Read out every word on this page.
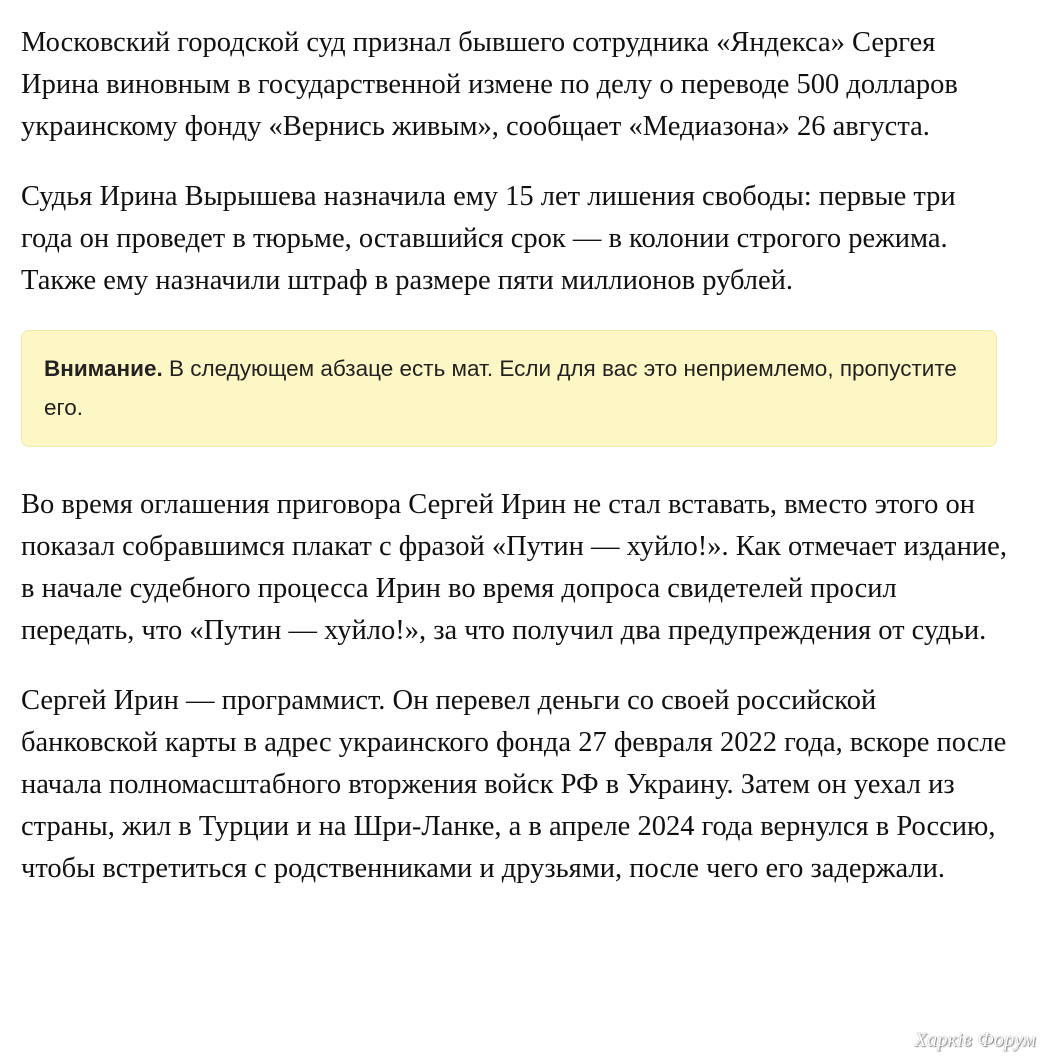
Московский городской суд признал бывшего сотрудника «Яндекса» Сергея Ирина виновным в государственной измене по делу о переводе 500 долларов украинскому фонду «Вернись живым», сообщает «Медиазона» 26 августа.

Судья Ирина Вырышева назначила ему 15 лет лишения свободы: первые три года он проведет в тюрьме, оставшийся срок — в колонии строгого режима. Также ему назначили штраф в размере пяти миллионов рублей.

Внимание. В следующем абзаце есть мат. Если для вас это неприемлемо, пропустите его.

Во время оглашения приговора Сергей Ирин не стал вставать, вместо этого он показал собравшимся плакат с фразой «Путин — хуйло!». Как отмечает издание, в начале судебного процесса Ирин во время допроса свидетелей просил передать, что «Путин — хуйло!», за что получил два предупреждения от судьи.

Сергей Ирин — программист. Он перевел деньги со своей российской банковской карты в адрес украинского фонда 27 февраля 2022 года, вскоре после начала полномасштабного вторжения войск РФ в Украину. Затем он уехал из страны, жил в Турции и на Шри-Ланке, а в апреле 2024 года вернулся в Россию, чтобы встретиться с родственниками и друзьями, после чего его задержали.

Харків Форум
